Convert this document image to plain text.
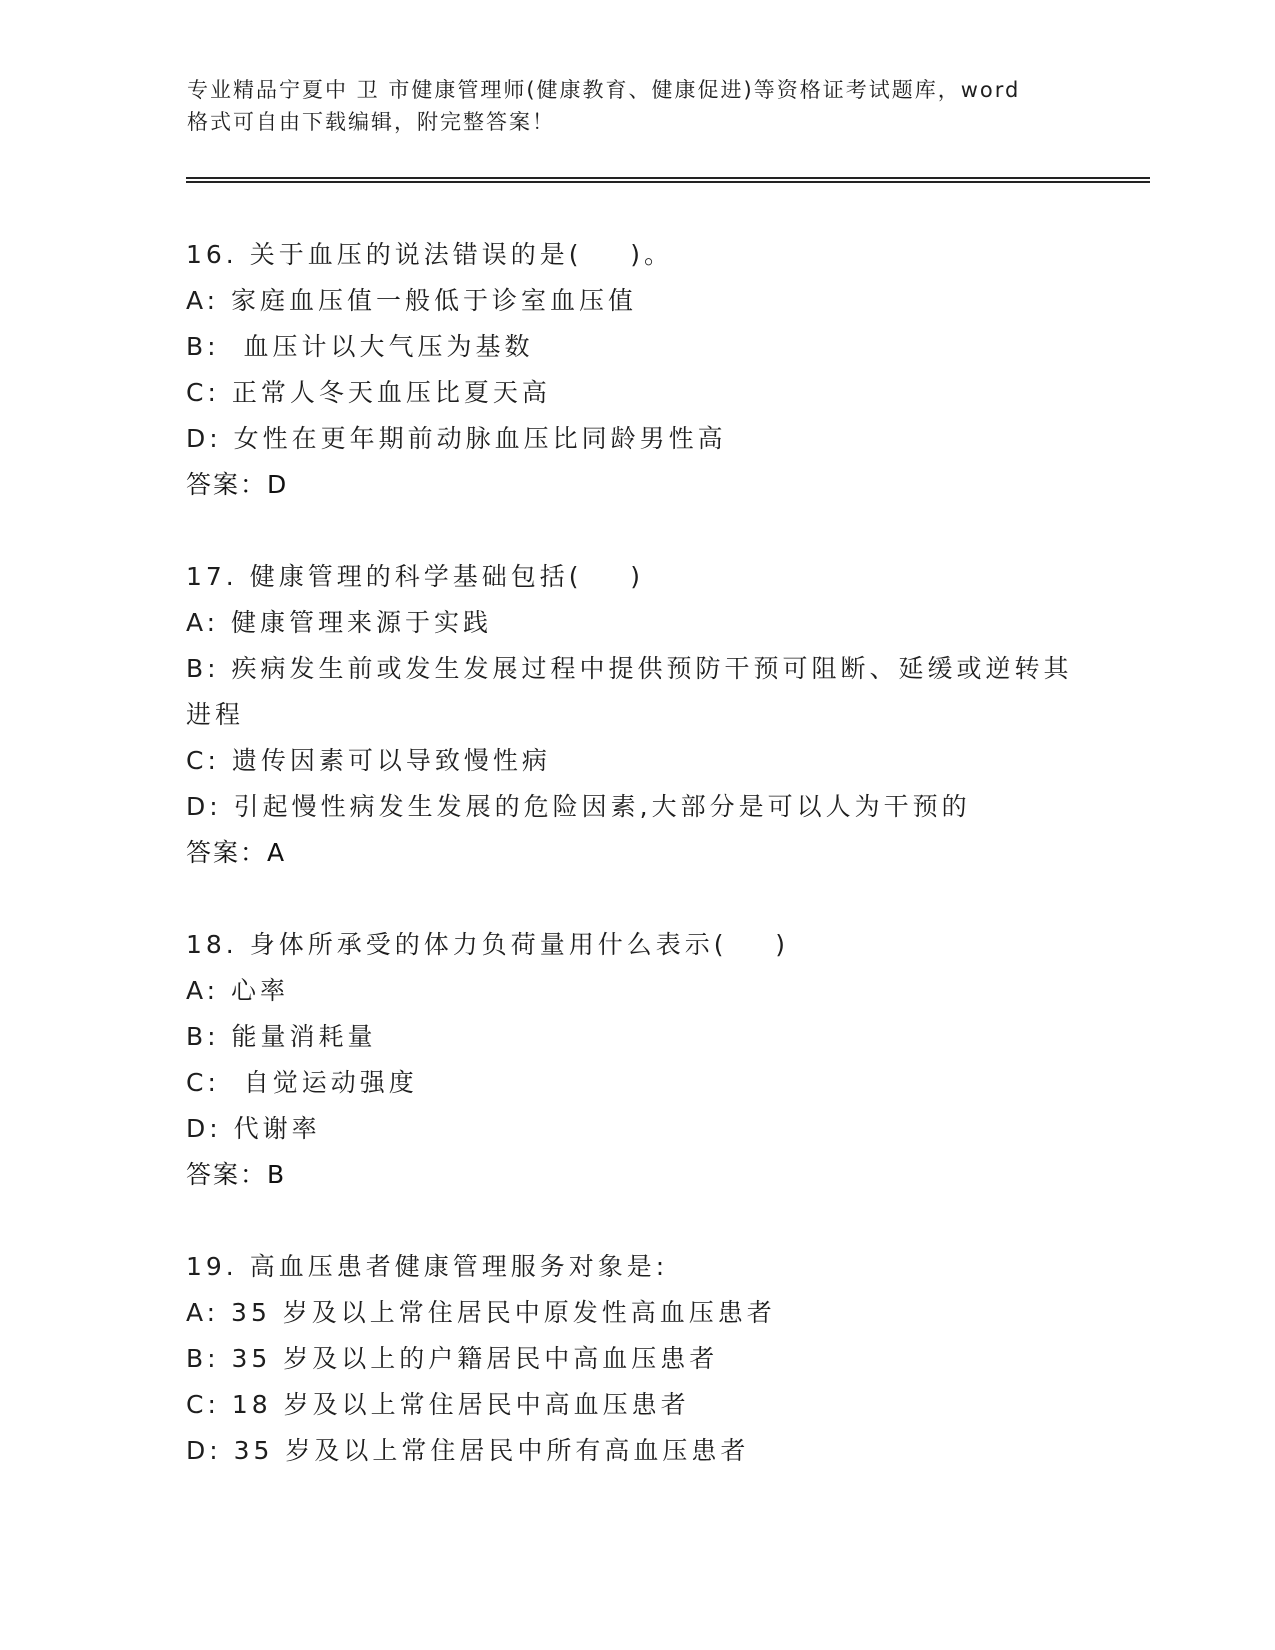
专业精品宁夏中 卫 市健康管理师(健康教育、健康促进)等资格证考试题库，word
格式可自由下载编辑，附完整答案！
16. 关于血压的说法错误的是(    )。
A: 家庭血压值一般低于诊室血压值
B:  血压计以大气压为基数
C: 正常人冬天血压比夏天高
D: 女性在更年期前动脉血压比同龄男性高
答案：D
17. 健康管理的科学基础包括(    )
A: 健康管理来源于实践
B: 疾病发生前或发生发展过程中提供预防干预可阻断、延缓或逆转其进程
C: 遗传因素可以导致慢性病
D: 引起慢性病发生发展的危险因素,大部分是可以人为干预的
答案：A
18. 身体所承受的体力负荷量用什么表示(    )
A: 心率
B: 能量消耗量
C:  自觉运动强度
D: 代谢率
答案：B
19. 高血压患者健康管理服务对象是:
A: 35 岁及以上常住居民中原发性高血压患者
B: 35 岁及以上的户籍居民中高血压患者
C: 18 岁及以上常住居民中高血压患者
D: 35 岁及以上常住居民中所有高血压患者
